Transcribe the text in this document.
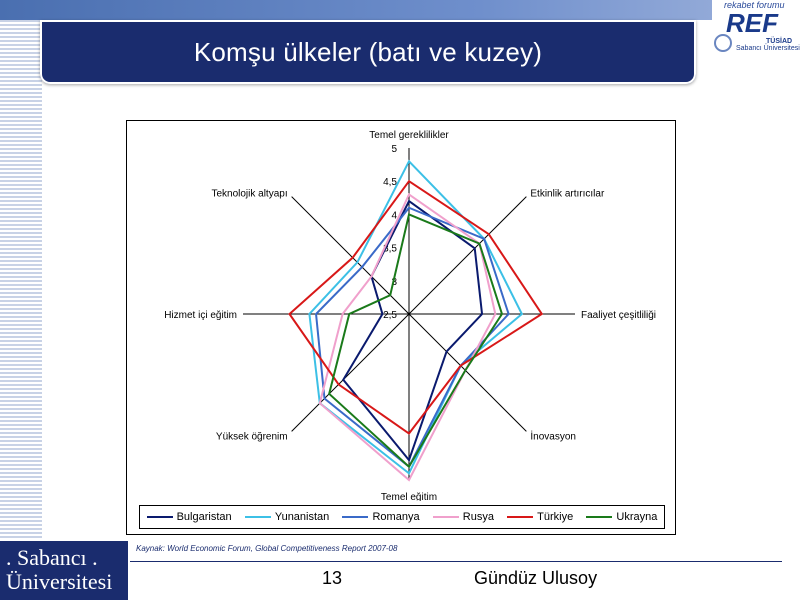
Komşu ülkeler (batı ve kuzey)
rekabet forumu
REF
TÜSİAD
Sabancı Üniversitesi
Temel gereklilikler
Etkinlik artırıcılar
Faaliyet çeşitliliği
İnovasyon
Temel eğitim
Yüksek öğrenim
Hizmet içi eğitim
Teknolojik altyapı
2,5
3
3,5
4
4,5
5
Bulgaristan	Yunanistan	Romanya	Rusya	Türkiye	Ukrayna
Kaynak: World Economic Forum, Global Competitiveness Report 2007-08
13	Gündüz Ulusoy
. Sabancı .
Üniversitesi
